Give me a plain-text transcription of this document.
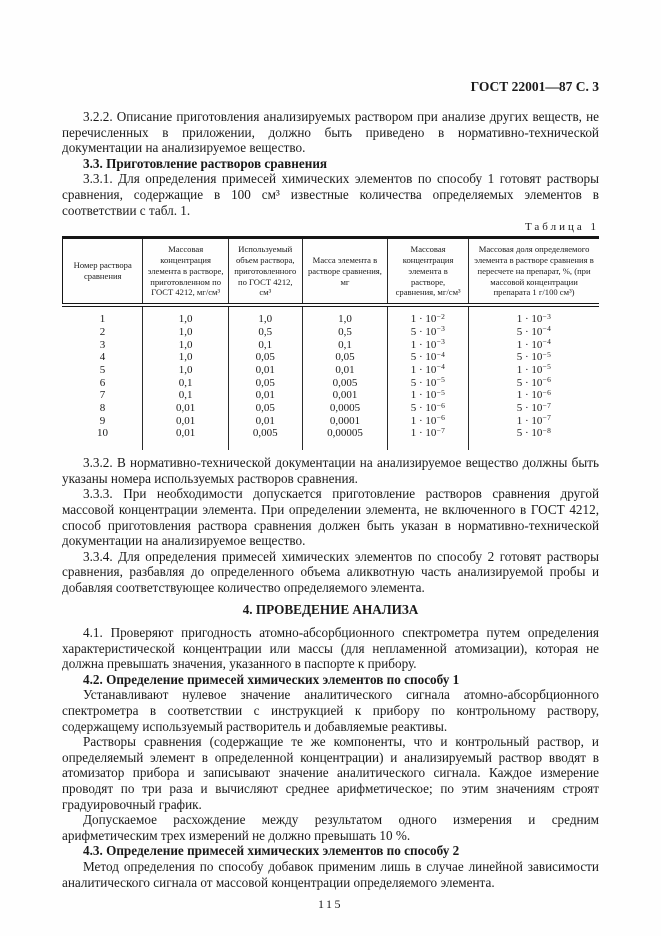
ГОСТ 22001—87 С. 3

3.2.2. Описание приготовления анализируемых раствором при анализе других веществ, не перечисленных в приложении, должно быть приведено в нормативно-технической документации на анализируемое вещество.

3.3. Приготовление растворов сравнения

3.3.1. Для определения примесей химических элементов по способу 1 готовят растворы сравнения, содержащие в 100 см³ известные количества определяемых элементов в соответствии с табл. 1.

Таблица 1
Номер раствора сравнения	Массовая концентрация элемента в растворе, приготовленном по ГОСТ 4212, мг/см³	Используемый объем раствора, приготовленного по ГОСТ 4212, см³	Масса элемента в растворе сравнения, мг	Массовая концентрация элемента в растворе, сравнения, мг/см³	Массовая доля определяемого элемента в растворе сравнения в пересчете на препарат, %, (при массовой концентрации препарата 1 г/100 см³)
1	1,0	1,0	1,0	$1 \cdot 10^{-2}$	$1 \cdot 10^{-3}$
2	1,0	0,5	0,5	$5 \cdot 10^{-3}$	$5 \cdot 10^{-4}$
3	1,0	0,1	0,1	$1 \cdot 10^{-3}$	$1 \cdot 10^{-4}$
4	1,0	0,05	0,05	$5 \cdot 10^{-4}$	$5 \cdot 10^{-5}$
5	1,0	0,01	0,01	$1 \cdot 10^{-4}$	$1 \cdot 10^{-5}$
6	0,1	0,05	0,005	$5 \cdot 10^{-5}$	$5 \cdot 10^{-6}$
7	0,1	0,01	0,001	$1 \cdot 10^{-5}$	$1 \cdot 10^{-6}$
8	0,01	0,05	0,0005	$5 \cdot 10^{-6}$	$5 \cdot 10^{-7}$
9	0,01	0,01	0,0001	$1 \cdot 10^{-6}$	$1 \cdot 10^{-7}$
10	0,01	0,005	0,00005	$1 \cdot 10^{-7}$	$5 \cdot 10^{-8}$

3.3.2. В нормативно-технической документации на анализируемое вещество должны быть указаны номера используемых растворов сравнения.

3.3.3. При необходимости допускается приготовление растворов сравнения другой массовой концентрации элемента. При определении элемента, не включенного в ГОСТ 4212, способ приготовления раствора сравнения должен быть указан в нормативно-технической документации на анализируемое вещество.

3.3.4. Для определения примесей химических элементов по способу 2 готовят растворы сравнения, разбавляя до определенного объема аликвотную часть анализируемой пробы и добавляя соответствующее количество определяемого элемента.

4. ПРОВЕДЕНИЕ АНАЛИЗА

4.1. Проверяют пригодность атомно-абсорбционного спектрометра путем определения характеристической концентрации или массы (для непламенной атомизации), которая не должна превышать значения, указанного в паспорте к прибору.

4.2. Определение примесей химических элементов по способу 1

Устанавливают нулевое значение аналитического сигнала атомно-абсорбционного спектрометра в соответствии с инструкцией к прибору по контрольному раствору, содержащему используемый растворитель и добавляемые реактивы.

Растворы сравнения (содержащие те же компоненты, что и контрольный раствор, и определяемый элемент в определенной концентрации) и анализируемый раствор вводят в атомизатор прибора и записывают значение аналитического сигнала. Каждое измерение проводят по три раза и вычисляют среднее арифметическое; по этим значениям строят градуировочный график.

Допускаемое расхождение между результатом одного измерения и средним арифметическим трех измерений не должно превышать 10 %.

4.3. Определение примесей химических элементов по способу 2

Метод определения по способу добавок применим лишь в случае линейной зависимости аналитического сигнала от массовой концентрации определяемого элемента.

115
